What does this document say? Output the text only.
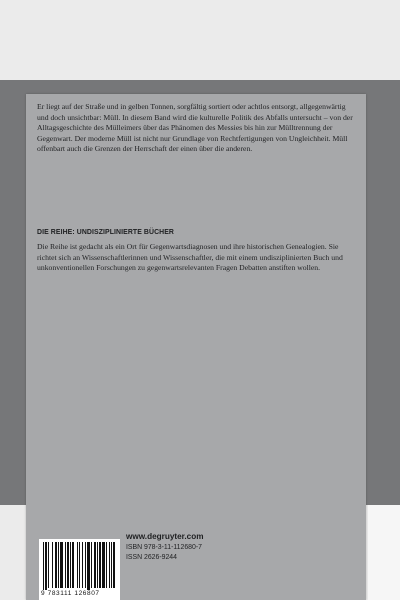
Er liegt auf der Straße und in gelben Tonnen, sorgfältig sortiert oder achtlos entsorgt, allgegenwärtig und doch unsichtbar: Müll. In diesem Band wird die kulturelle Politik des Abfalls untersucht – von der Alltagsgeschichte des Mülleimers über das Phänomen des Messies bis hin zur Mülltrennung der Gegenwart. Der moderne Müll ist nicht nur Grundlage von Rechtfertigungen von Ungleichheit. Müll offenbart auch die Grenzen der Herrschaft der einen über die anderen.

DIE REIHE: UNDISZIPLINIERTE BÜCHER

Die Reihe ist gedacht als ein Ort für Gegenwartsdiagnosen und ihre historischen Genealogien. Sie richtet sich an Wissenschaftlerinnen und Wissenschaftler, die mit einem undisziplinierten Buch und unkonventionellen Forschungen zu gegenwartsrelevanten Fragen Debatten anstiften wollen.

9 783111 126807

www.degruyter.com

ISBN 978-3-11-112680-7

ISSN 2626-9244
